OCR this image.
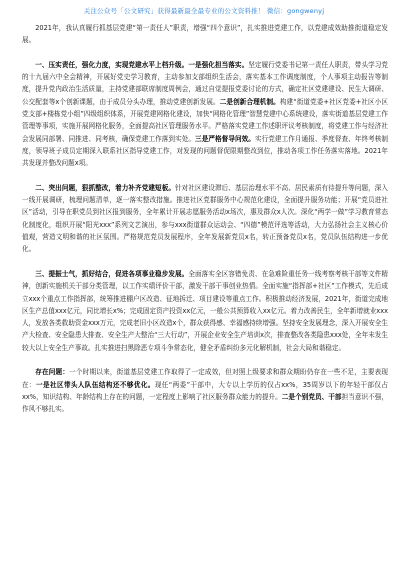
关注公众号「公文研究」获得最新最全最专业的公文资料推！ 微信：gongwenyj

2021年，我认真履行抓基层党建“第一责任人”职责，增强“四个意识”，扎实推进党建工作，以党建成效助推街道稳定发展。

一、压实责任，强化力度，实现党建水平上档升级。一是强化担当落实。坚定履行党委书记第一责任人职责，带头学习党的十九届六中全会精神，开展好党史学习教育，主动参加支部组织生活会，落实基本工作调度制度，个人事项主动报告等制度，提升党内政治生活质量，主持党建部联席制度周例会，通过自觉提报党委讨论的方式，确定社区党建建设、民生大调研、公交配套等x个创新课题，由于成员分头办理，推动党建创新发展。二是创新合理机制。构建“街道党委+社区党委+社区小区党支部+楼栋党小组”四级组织体系，开展党建网格化建设，加快“网格化管理”智慧党建中心系统建设，落实街道基层党建工作管理等事项，实施开展网格化服务，全面提高社区管理服务水平。严格落实党建工作述职评议考核制度，将党建工作与经济社会发展同部署、同推进、同考核，确保党建工作落到实处。三是严格督导问效。实行党建工作月通报、季度督查、年终考核制度，领导班子成员定期深入联系社区指导党建工作，对发现的问题督促限期整改到位，推动各项工作任务落实落地。2021年共发现并整改问题x项。

二、突出问题，狠抓整改，着力补齐党建短板。针对社区建设滞后、基层治理水平不高、居民素质有待提升等问题，深入一线开展调研，梳理问题清单，逐一落实整改措施。推进社区党群服务中心规范化建设，全面提升服务功能；开展“党员进社区”活动，引导在职党员到社区报到服务，全年累计开展志愿服务活动x场次，惠及群众x人次。深化“两学一做”学习教育常态化制度化，组织开展“阳光xxx”系列文艺演出，参与xxx街道群众运动会、“四德”模范评选等活动，大力弘扬社会主义核心价值观，营造文明和谐的社区氛围。严格规范党员发展程序，全年发展新党员x名，转正预备党员x名，党员队伍结构进一步优化。

三、提振士气，抓好结合，促进各项事业稳步发展。全面落实全区容错免责、在急难险重任务一线考察考核干部等文件精神，创新实施机关干部分类管理，以工作实绩评价干部，激发干部干事创业热情。全面实施“指挥部+社区”工作模式，先后成立xxx个重点工作指挥部，统筹推进棚户区改造、征地拆迁、项目建设等重点工作。积极推动经济发展，2021年，街道完成地区生产总值xxx亿元，同比增长x%；完成固定资产投资xx亿元，一般公共预算收入xx亿元。着力改善民生，全年新增就业xxx人，发放各类救助资金xxx万元，完成老旧小区改造x个，群众获得感、幸福感持续增强。坚持安全发展理念，深入开展安全生产大检查、安全隐患大排查、安全生产大整治“三大行动”，开展企业安全生产培训x次，排查整改各类隐患xxx处，全年未发生较大以上安全生产事故。扎实推进扫黑除恶专项斗争常态化，健全矛盾纠纷多元化解机制，社会大局和谐稳定。

存在问题：一个时期以来，街道基层党建工作取得了一定成效，但对照上级要求和群众期盼仍存在一些不足，主要表现在：一是社区带头人队伍结构还不够优化。现任“两委”干部中，大专以上学历的仅占xx%，35周岁以下的年轻干部仅占xx%，知识结构、年龄结构上存在的问题，一定程度上影响了社区服务群众能力的提升。二是个别党员、干部担当意识不强，作风不够扎实。
